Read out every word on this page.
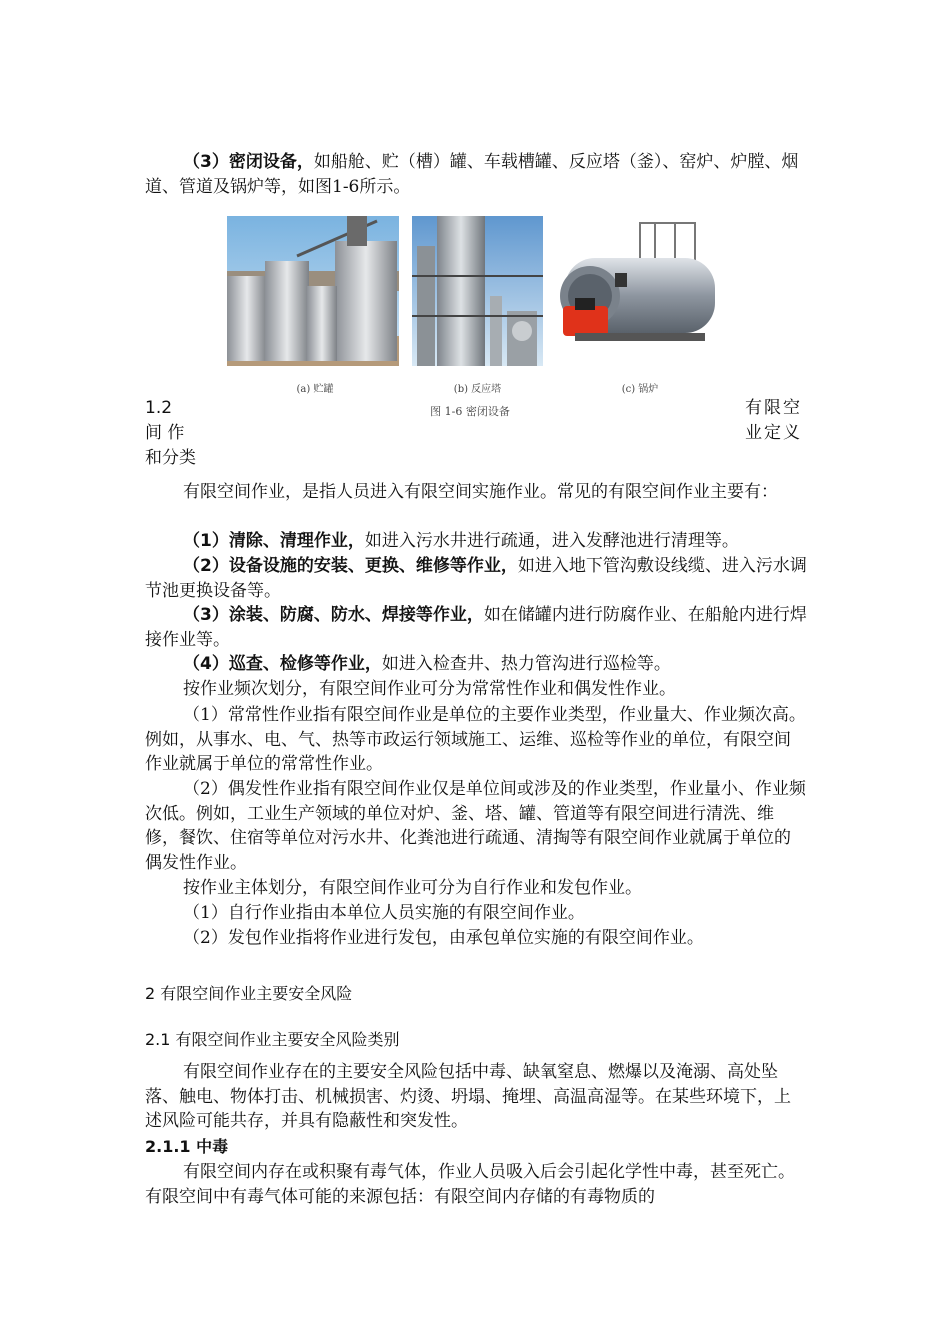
（3）密闭设备，如船舱、贮（槽）罐、车载槽罐、反应塔（釜）、窑炉、炉膛、烟道、管道及锅炉等，如图1-6所示。

(a) 贮罐	(b) 反应塔	(c) 锅炉
图 1-6 密闭设备
1.2
间 作
和分类
有限空
业定义

有限空间作业，是指人员进入有限空间实施作业。常见的有限空间作业主要有：

（1）清除、清理作业，如进入污水井进行疏通，进入发酵池进行清理等。

（2）设备设施的安装、更换、维修等作业，如进入地下管沟敷设线缆、进入污水调节池更换设备等。

（3）涂装、防腐、防水、焊接等作业，如在储罐内进行防腐作业、在船舱内进行焊接作业等。

（4）巡查、检修等作业，如进入检查井、热力管沟进行巡检等。

按作业频次划分，有限空间作业可分为常常性作业和偶发性作业。

（1）常常性作业指有限空间作业是单位的主要作业类型，作业量大、作业频次高。例如，从事水、电、气、热等市政运行领域施工、运维、巡检等作业的单位，有限空间作业就属于单位的常常性作业。

（2）偶发性作业指有限空间作业仅是单位间或涉及的作业类型，作业量小、作业频次低。例如，工业生产领域的单位对炉、釜、塔、罐、管道等有限空间进行清洗、维修，餐饮、住宿等单位对污水井、化粪池进行疏通、清掏等有限空间作业就属于单位的偶发性作业。

按作业主体划分，有限空间作业可分为自行作业和发包作业。

（1）自行作业指由本单位人员实施的有限空间作业。

（2）发包作业指将作业进行发包，由承包单位实施的有限空间作业。

2 有限空间作业主要安全风险
2.1 有限空间作业主要安全风险类别

有限空间作业存在的主要安全风险包括中毒、缺氧窒息、燃爆以及淹溺、高处坠落、触电、物体打击、机械损害、灼烫、坍塌、掩埋、高温高湿等。在某些环境下，上述风险可能共存，并具有隐蔽性和突发性。

2.1.1 中毒

有限空间内存在或积聚有毒气体，作业人员吸入后会引起化学性中毒，甚至死亡。有限空间中有毒气体可能的来源包括：有限空间内存储的有毒物质的
